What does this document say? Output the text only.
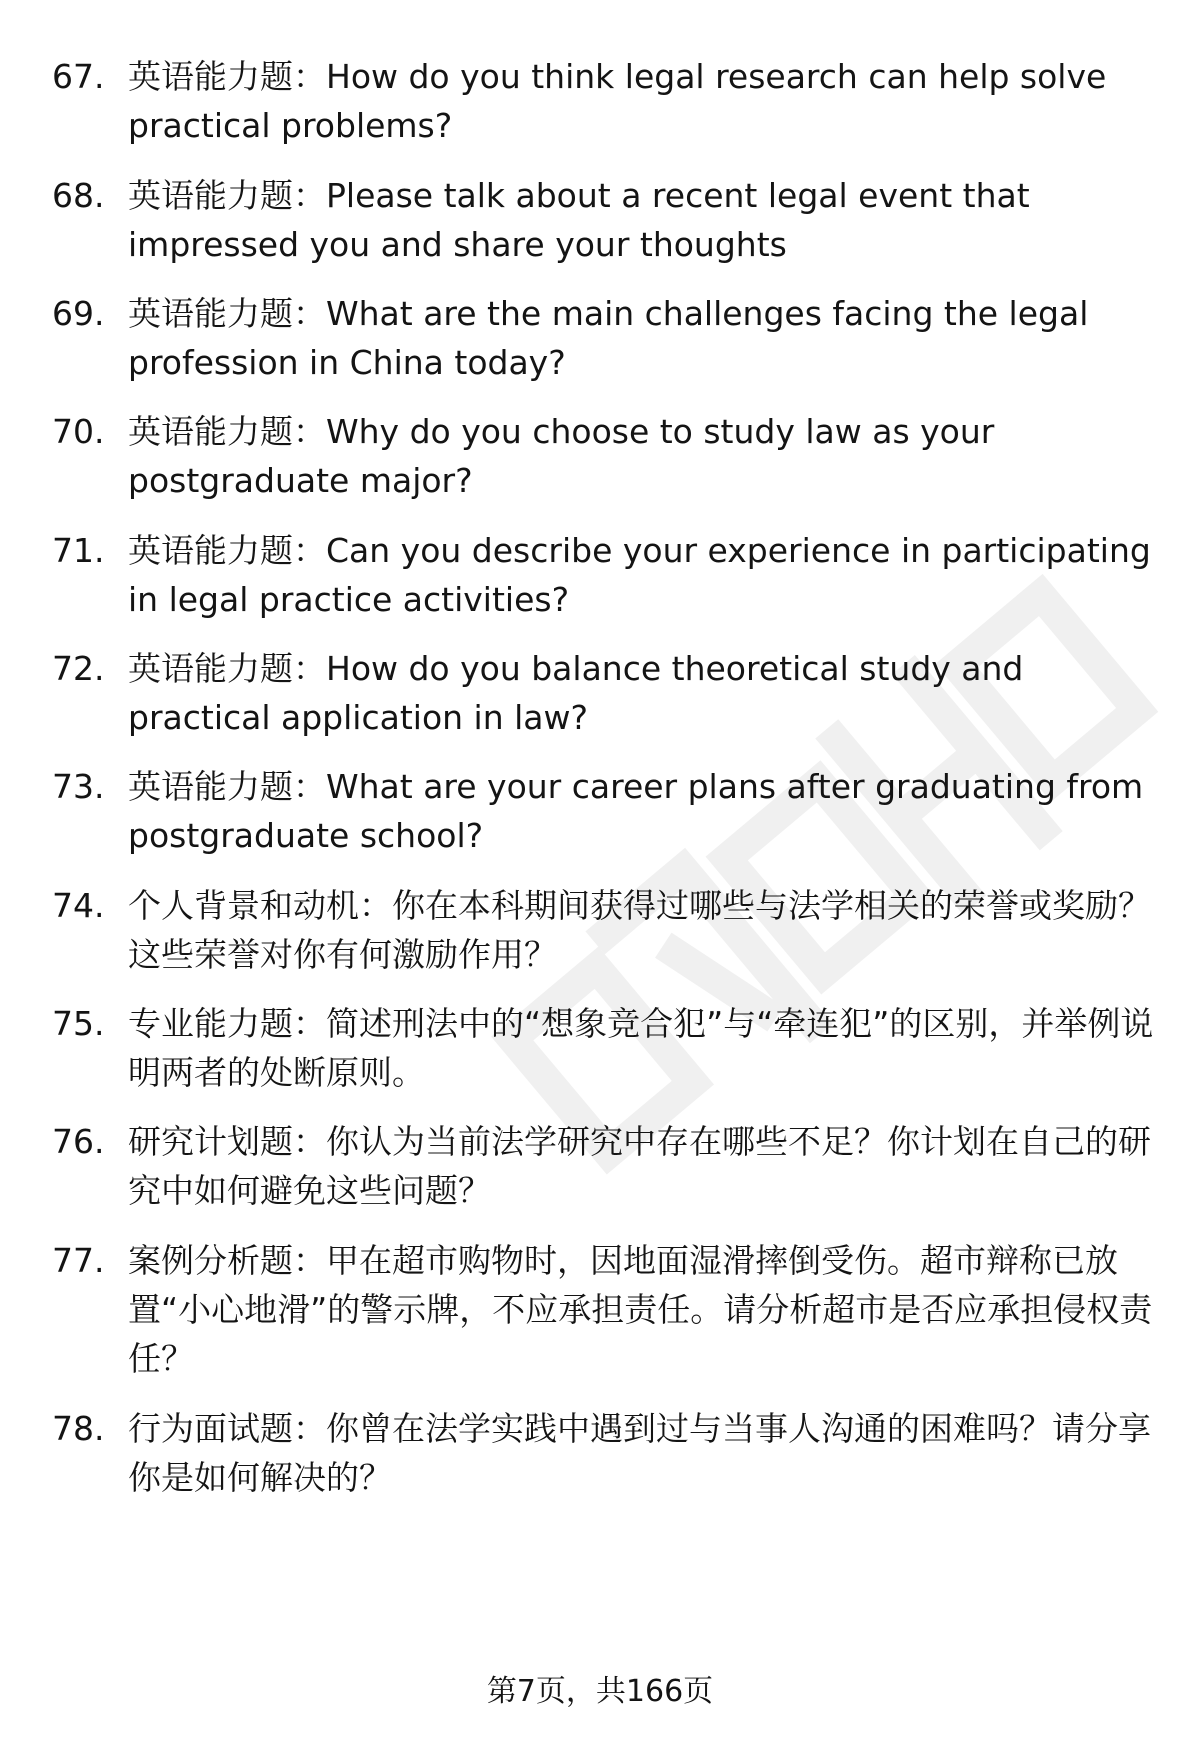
67. 英语能力题：How do you think legal research can help solve practical problems?
68. 英语能力题：Please talk about a recent legal event that impressed you and share your thoughts
69. 英语能力题：What are the main challenges facing the legal profession in China today?
70. 英语能力题：Why do you choose to study law as your postgraduate major?
71. 英语能力题：Can you describe your experience in participating in legal practice activities?
72. 英语能力题：How do you balance theoretical study and practical application in law?
73. 英语能力题：What are your career plans after graduating from postgraduate school?
74. 个人背景和动机：你在本科期间获得过哪些与法学相关的荣誉或奖励？这些荣誉对你有何激励作用？
75. 专业能力题：简述刑法中的“想象竞合犯”与“牵连犯”的区别，并举例说明两者的处断原则。
76. 研究计划题：你认为当前法学研究中存在哪些不足？你计划在自己的研究中如何避免这些问题？
77. 案例分析题：甲在超市购物时，因地面湿滑摔倒受伤。超市辩称已放置“小心地滑”的警示牌，不应承担责任。请分析超市是否应承担侵权责任？
78. 行为面试题：你曾在法学实践中遇到过与当事人沟通的困难吗？请分享你是如何解决的？
第7页，共166页
